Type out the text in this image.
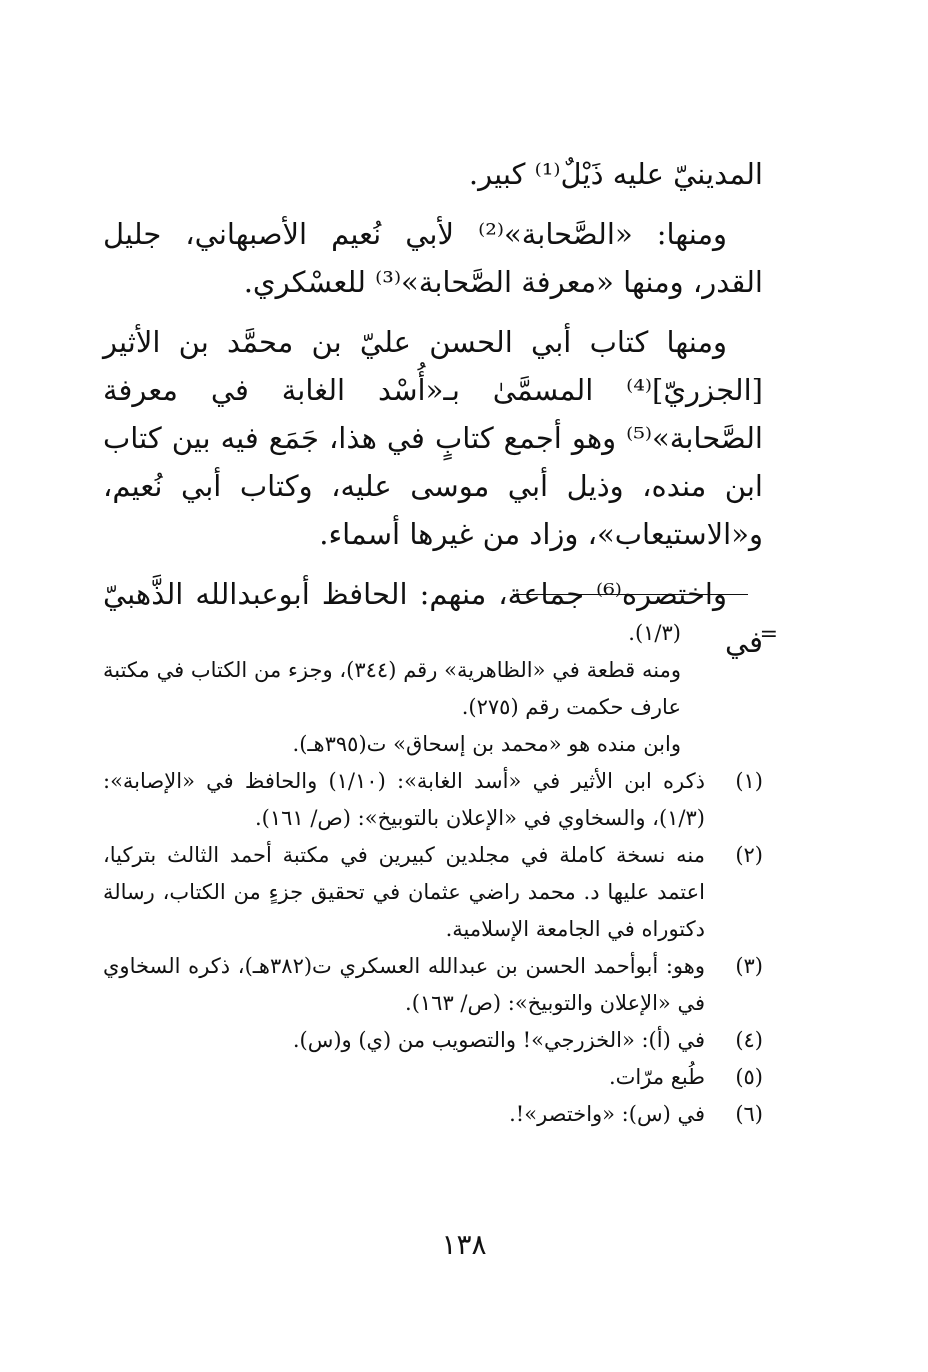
المدينيّ عليه ذَيْلٌ⁽¹⁾ كبير.

ومنها: «الصَّحابة»⁽²⁾ لأبي نُعيم الأصبهاني، جليل القدر، ومنها «معرفة الصَّحابة»⁽³⁾ للعسْكري.

ومنها كتاب أبي الحسن عليّ بن محمَّد بن الأثير [الجزريّ]⁽⁴⁾ المسمَّىٰ بـ«أُسْد الغابة في معرفة الصَّحابة»⁽⁵⁾ وهو أجمع كتابٍ في هذا، جَمَع فيه بين كتاب ابن منده، وذيل أبي موسى عليه، وكتاب أبي نُعيم، و«الاستيعاب»، وزاد من غيرها أسماء.

واختصره⁽⁶⁾ جماعة، منهم: الحافظ أبوعبدالله الذَّهبيّ في

=
(١/٣).
ومنه قطعة في «الظاهرية» رقم (٣٤٤)، وجزء من الكتاب في مكتبة عارف حكمت رقم (٢٧٥).
وابن منده هو «محمد بن إسحاق» ت(٣٩٥هـ).
(١)
ذكره ابن الأثير في «أسد الغابة»: (١/١٠) والحافظ في «الإصابة»: (١/٣)، والسخاوي في «الإعلان بالتوبيخ»: (ص/ ١٦١).
(٢)
منه نسخة كاملة في مجلدين كبيرين في مكتبة أحمد الثالث بتركيا، اعتمد عليها د. محمد راضي عثمان في تحقيق جزءٍ من الكتاب، رسالة دكتوراه في الجامعة الإسلامية.
(٣)
وهو: أبوأحمد الحسن بن عبدالله العسكري ت(٣٨٢هـ)، ذكره السخاوي في «الإعلان والتوبيخ»: (ص/ ١٦٣).
(٤)
في (أ): «الخزرجي»! والتصويب من (ي) و(س).
(٥)
طُبع مرّات.
(٦)
في (س): «واختصر»!.
١٣٨
